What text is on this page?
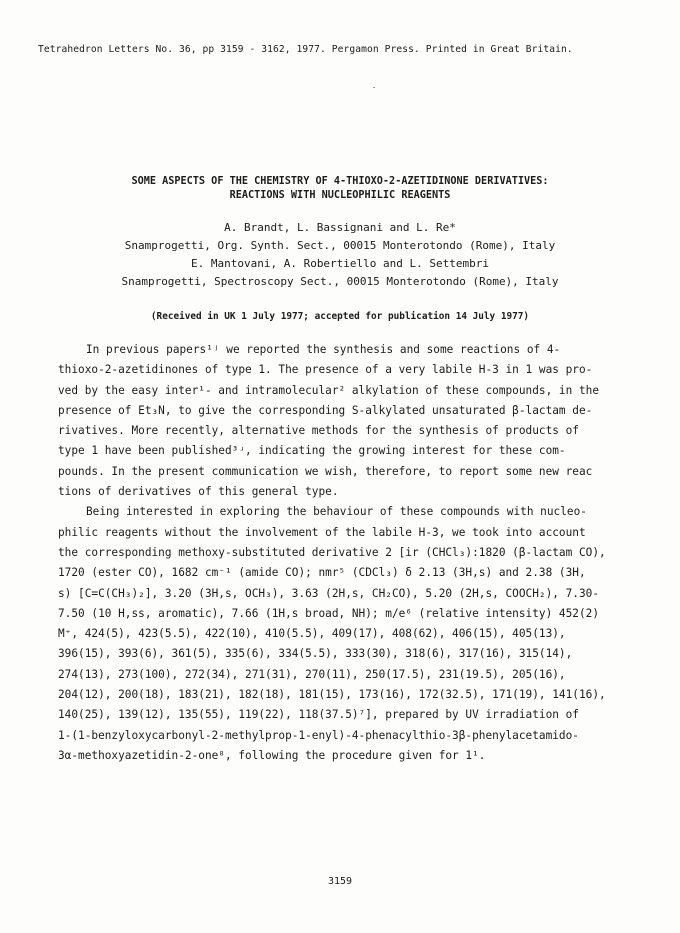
Tetrahedron Letters No. 36, pp 3159 - 3162, 1977. Pergamon Press. Printed in Great Britain.
SOME ASPECTS OF THE CHEMISTRY OF 4-THIOXO-2-AZETIDINONE DERIVATIVES:
REACTIONS WITH NUCLEOPHILIC REAGENTS
A. Brandt, L. Bassignani and L. Re*
Snamprogetti, Org. Synth. Sect., 00015 Monterotondo (Rome), Italy
E. Mantovani, A. Robertiello and L. Settembri
Snamprogetti, Spectroscopy Sect., 00015 Monterotondo (Rome), Italy
(Received in UK 1 July 1977; accepted for publication 14 July 1977)
In previous papers¹ʲ we reported the synthesis and some reactions of 4-
thioxo-2-azetidinones of type 1. The presence of a very labile H-3 in 1 was pro-
ved by the easy inter¹- and intramolecular² alkylation of these compounds, in the
presence of Et₃N, to give the corresponding S-alkylated unsaturated β-lactam de-
rivatives. More recently, alternative methods for the synthesis of products of
type 1 have been published³ʴ, indicating the growing interest for these com-
pounds. In the present communication we wish, therefore, to report some new reac
tions of derivatives of this general type.
Being interested in exploring the behaviour of these compounds with nucleo-
philic reagents without the involvement of the labile H-3, we took into account
the corresponding methoxy-substituted derivative 2 [ir (CHCl₃):1820 (β-lactam CO),
1720 (ester CO), 1682 cm⁻¹ (amide CO); nmr⁵ (CDCl₃) δ 2.13 (3H,s) and 2.38 (3H,
s) [C=C(CH₃)₂], 3.20 (3H,s, OCH₃), 3.63 (2H,s, CH₂CO), 5.20 (2H,s, COOCH₂), 7.30-
7.50 (10 H,ss, aromatic), 7.66 (1H,s broad, NH); m/e⁶ (relative intensity) 452(2)
M⁺, 424(5), 423(5.5), 422(10), 410(5.5), 409(17), 408(62), 406(15), 405(13),
396(15), 393(6), 361(5), 335(6), 334(5.5), 333(30), 318(6), 317(16), 315(14),
274(13), 273(100), 272(34), 271(31), 270(11), 250(17.5), 231(19.5), 205(16),
204(12), 200(18), 183(21), 182(18), 181(15), 173(16), 172(32.5), 171(19), 141(16),
140(25), 139(12), 135(55), 119(22), 118(37.5)⁷], prepared by UV irradiation of
1-(1-benzyloxycarbonyl-2-methylprop-1-enyl)-4-phenacylthio-3β-phenylacetamido-
3α-methoxyazetidin-2-one⁸, following the procedure given for 1¹.
3159
